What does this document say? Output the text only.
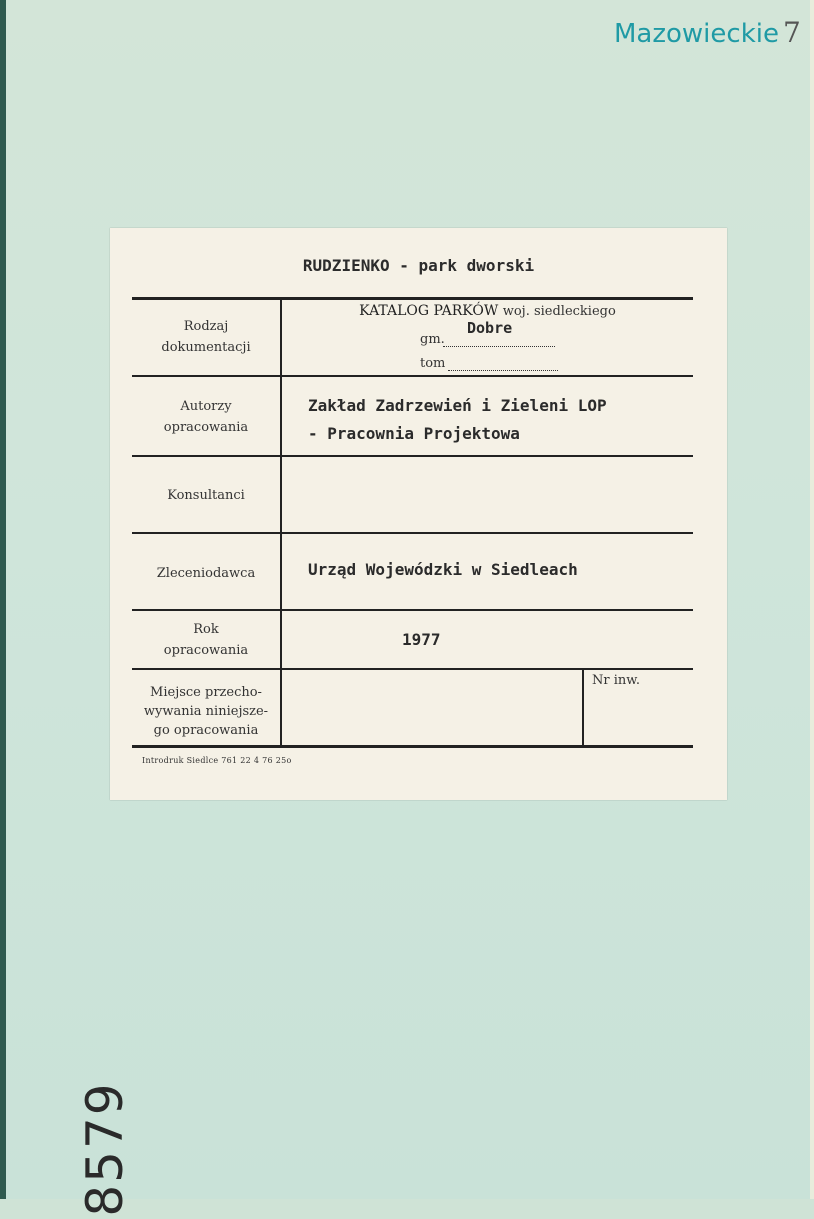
Mazowieckie 7
RUDZIENKO - park dworski
Rodzaj
dokumentacji
KATALOG PARKÓW woj. siedleckiego
gm.
Dobre
tom
Autorzy
opracowania
Zakład Zadrzewień i Zieleni LOP
- Pracownia Projektowa
Konsultanci
Zleceniodawca	Urząd Wojewódzki w Siedleach
Rok
opracowania
1977
Miejsce przecho-
wywania niniejsze-
go opracowania
Nr inw.
Introdruk Siedlce 761 22 4 76 25o
8579
